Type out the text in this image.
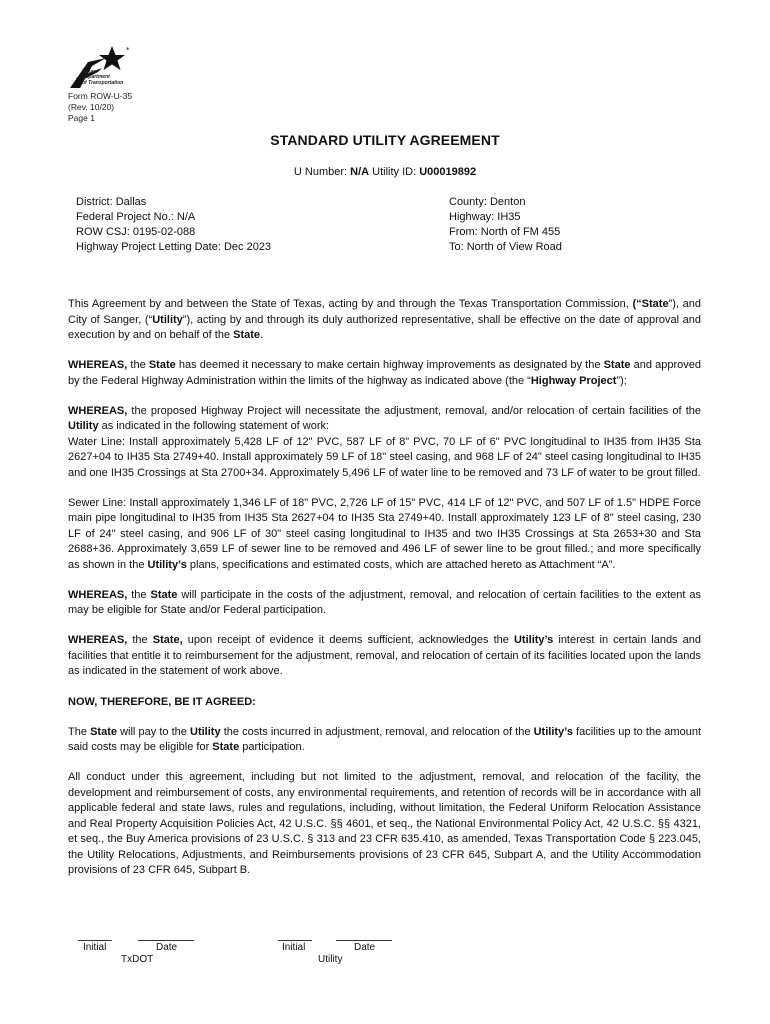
*
Texas
Department
of Transportation
Form ROW-U-35
(Rev. 10/20)
Page 1
STANDARD UTILITY AGREEMENT
U Number: N/A Utility ID: U00019892
District: Dallas
Federal Project No.: N/A
ROW CSJ: 0195-02-088
Highway Project Letting Date: Dec 2023
County: Denton
Highway: IH35
From: North of FM 455
To: North of View Road

This Agreement by and between the State of Texas, acting by and through the Texas Transportation Commission, (“State”), and City of Sanger, (“Utility”), acting by and through its duly authorized representative, shall be effective on the date of approval and execution by and on behalf of the State.

WHEREAS, the State has deemed it necessary to make certain highway improvements as designated by the State and approved by the Federal Highway Administration within the limits of the highway as indicated above (the “Highway Project”);

WHEREAS, the proposed Highway Project will necessitate the adjustment, removal, and/or relocation of certain facilities of the Utility as indicated in the following statement of work:
Water Line: Install approximately 5,428 LF of 12" PVC, 587 LF of 8” PVC, 70 LF of 6" PVC longitudinal to IH35 from IH35 Sta 2627+04 to IH35 Sta 2749+40. Install approximately 59 LF of 18" steel casing, and 968 LF of 24" steel casing longitudinal to IH35 and one IH35 Crossings at Sta 2700+34. Approximately 5,496 LF of water line to be removed and 73 LF of water to be grout filled.

Sewer Line: Install approximately 1,346 LF of 18" PVC, 2,726 LF of 15" PVC, 414 LF of 12" PVC, and 507 LF of 1.5" HDPE Force main pipe longitudinal to IH35 from IH35 Sta 2627+04 to IH35 Sta 2749+40. Install approximately 123 LF of 8" steel casing, 230 LF of 24" steel casing, and 906 LF of 30" steel casing longitudinal to IH35 and two IH35 Crossings at Sta 2653+30 and Sta 2688+36. Approximately 3,659 LF of sewer line to be removed and 496 LF of sewer line to be grout filled.; and more specifically as shown in the Utility’s plans, specifications and estimated costs, which are attached hereto as Attachment “A”.

WHEREAS, the State will participate in the costs of the adjustment, removal, and relocation of certain facilities to the extent as may be eligible for State and/or Federal participation.

WHEREAS, the State, upon receipt of evidence it deems sufficient, acknowledges the Utility’s interest in certain lands and facilities that entitle it to reimbursement for the adjustment, removal, and relocation of certain of its facilities located upon the lands as indicated in the statement of work above.

NOW, THEREFORE, BE IT AGREED:

The State will pay to the Utility the costs incurred in adjustment, removal, and relocation of the Utility’s facilities up to the amount said costs may be eligible for State participation.

All conduct under this agreement, including but not limited to the adjustment, removal, and relocation of the facility, the development and reimbursement of costs, any environmental requirements, and retention of records will be in accordance with all applicable federal and state laws, rules and regulations, including, without limitation, the Federal Uniform Relocation Assistance and Real Property Acquisition Policies Act, 42 U.S.C. §§ 4601, et seq., the National Environmental Policy Act, 42 U.S.C. §§ 4321, et seq., the Buy America provisions of 23 U.S.C. § 313 and 23 CFR 635.410, as amended, Texas Transportation Code § 223.045, the Utility Relocations, Adjustments, and Reimbursements provisions of 23 CFR 645, Subpart A, and the Utility Accommodation provisions of 23 CFR 645, Subpart B.

Initial	Date
TxDOT
Initial	Date
Utility
